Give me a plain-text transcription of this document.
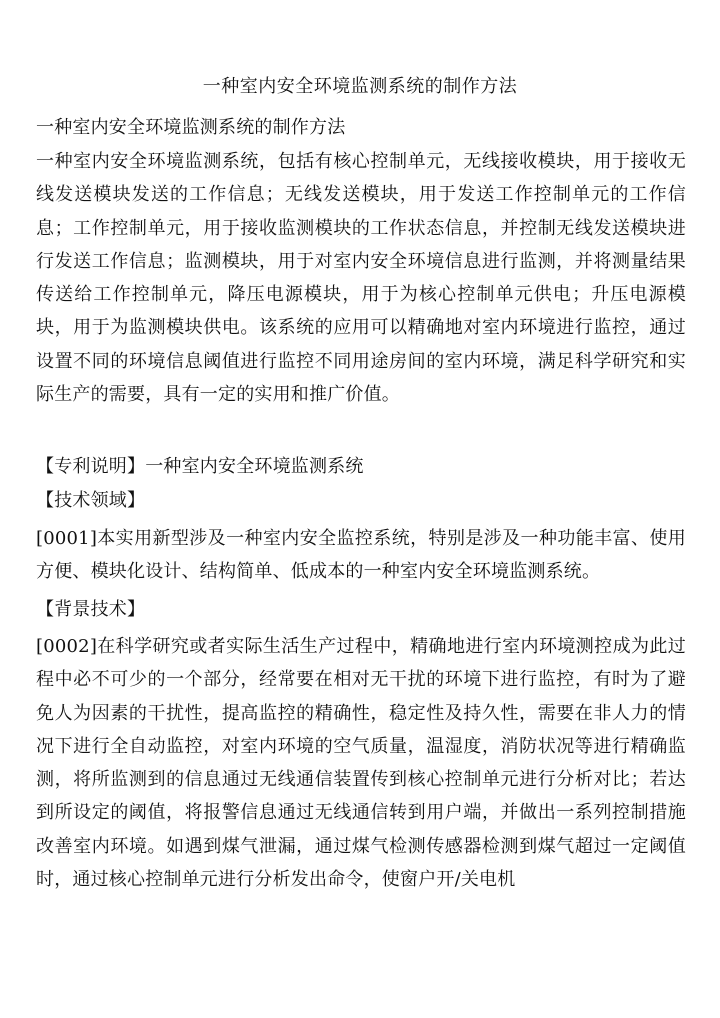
一种室内安全环境监测系统的制作方法
一种室内安全环境监测系统的制作方法
一种室内安全环境监测系统，包括有核心控制单元，无线接收模块，用于接收无线发送模块发送的工作信息；无线发送模块，用于发送工作控制单元的工作信息；工作控制单元，用于接收监测模块的工作状态信息，并控制无线发送模块进行发送工作信息；监测模块，用于对室内安全环境信息进行监测，并将测量结果传送给工作控制单元，降压电源模块，用于为核心控制单元供电；升压电源模块，用于为监测模块供电。该系统的应用可以精确地对室内环境进行监控，通过设置不同的环境信息阈值进行监控不同用途房间的室内环境，满足科学研究和实际生产的需要，具有一定的实用和推广价值。
【专利说明】一种室内安全环境监测系统
【技术领域】
[0001]本实用新型涉及一种室内安全监控系统，特别是涉及一种功能丰富、使用方便、模块化设计、结构简单、低成本的一种室内安全环境监测系统。
【背景技术】
[0002]在科学研究或者实际生活生产过程中，精确地进行室内环境测控成为此过程中必不可少的一个部分，经常要在相对无干扰的环境下进行监控，有时为了避免人为因素的干扰性，提高监控的精确性，稳定性及持久性，需要在非人力的情况下进行全自动监控，对室内环境的空气质量，温湿度，消防状况等进行精确监测，将所监测到的信息通过无线通信装置传到核心控制单元进行分析对比；若达到所设定的阈值，将报警信息通过无线通信转到用户端，并做出一系列控制措施改善室内环境。如遇到煤气泄漏，通过煤气检测传感器检测到煤气超过一定阈值时，通过核心控制单元进行分析发出命令，使窗户开/关电机
